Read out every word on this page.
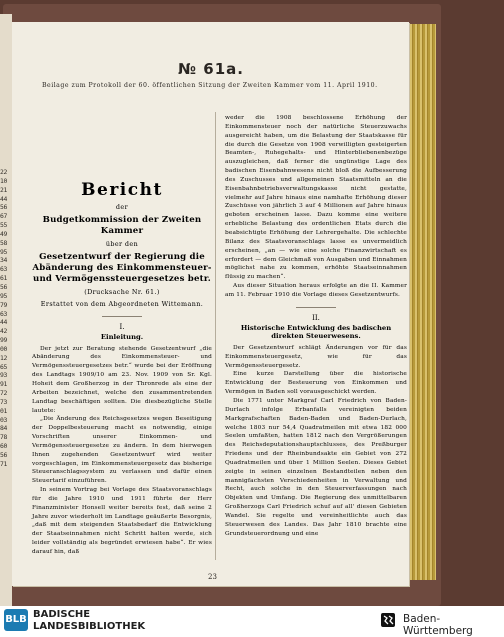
22
10
21
44
56
67
55
49
58
95
34
63
61
56
95
79
63
44
42
99
00
12
65
93
91
72
73
01
03
84
78
60
56
71
№ 61a.
Beilage zum Protokoll der 60. öffentlichen Sitzung der Zweiten Kammer vom 11. April 1910.
Bericht
der
Budgetkommission der Zweiten Kammer
über den
Gesetzentwurf der Regierung die Abänderung des Einkommensteuer- und Vermögenssteuergesetzes betr.
(Drucksache Nr. 61.)
Erstattet von dem Abgeordneten Wittemann.
I.
Einleitung.

Der jetzt zur Beratung stehende Gesetzentwurf „die Abänderung des Einkommensteuer- und Vermögenssteuergesetzes betr.“ wurde bei der Eröffnung des Landtags 1909/10 am 23. Nov. 1909 von Sr. Kgl. Hoheit dem Großherzog in der Thronrede als eine der Arbeiten bezeichnet, welche den zusammentretenden Landtag beschäftigen sollten. Die diesbezügliche Stelle lautete:

„Die Änderung des Reichsgesetzes wegen Beseitigung der Doppelbesteuerung macht es notwendig, einige Vorschriften unserer Einkommen- und Vermögenssteuergesetze zu ändern. In dem hierwegen Ihnen zugehenden Gesetzentwurf wird weiter vorgeschlagen, im Einkommensteuergesetz das bisherige Steueranschlagssystem zu verlassen und dafür einen Steuertarif einzuführen.

In seinem Vortrag bei Vorlage des Staatsvoranschlags für die Jahre 1910 und 1911 führte der Herr Finanzminister Honsell weiter bereits fest, daß seine 2 Jahre zuvor wiederholt im Landtage geäußerte Besorgnis, „daß mit dem steigenden Staatsbedarf die Entwicklung der Staatseinnahmen nicht Schritt halten werde, sich leider vollständig als begründet erwiesen habe“. Er wies darauf hin, daß

weder die 1908 beschlossene Erhöhung der Einkommensteuer noch der natürliche Steuerzuwachs ausgereicht haben, um die Belastung der Staatskasse für die durch die Gesetze von 1908 verwilligten gesteigerten Beamten-, Ruhegehalts- und Hinterbliebenenbezüge auszugleichen, daß ferner die ungünstige Lage des badischen Eisenbahnwesens nicht bloß die Aufbesserung des Zuschusses und allgemeinen Staatsmitteln an die Eisenbahnbetriebsverwaltungskasse nicht gestatte, vielmehr auf Jahre hinaus eine namhafte Erhöhung dieser Zuschüsse von jährlich 3 auf 4 Millionen auf Jahre hinaus geboten erscheinen lasse. Dazu komme eine weitere erhebliche Belastung des ordentlichen Etats durch die beabsichtigte Erhöhung der Lehrergehalte. Die schlechte Bilanz des Staatsvoranschlags lasse es unvermeidlich erscheinen, „an — wie eine solche Finanzwirtschaft es erfordert — dem Gleichmaß von Ausgaben und Einnahmen möglichst nahe zu kommen, erhöhte Staatseinnahmen flüssig zu machen“.

Aus dieser Situation heraus erfolgte an die II. Kammer am 11. Februar 1910 die Vorlage dieses Gesetzentwurfs.

II.
Historische Entwicklung des badischen direkten Steuerwesens.

Der Gesetzentwurf schlägt Änderungen vor für das Einkommensteuergesetz, wie für das Vermögenssteuergesetz.

Eine kurze Darstellung über die historische Entwicklung der Besteuerung von Einkommen und Vermögen in Baden soll vorausgeschickt werden.

Die 1771 unter Markgraf Carl Friedrich von Baden-Durlach infolge Erbanfalls vereinigten beiden Markgrafschaften Baden-Baden und Baden-Durlach, welche 1803 nur 54,4 Quadratmeilen mit etwa 182 000 Seelen umfaßten, hatten 1812 nach den Vergrößerungen des Reichsdeputationshauptschlusses, des Preßburger Friedens und der Rheinbundsakte ein Gebiet von 272 Quadratmeilen und über 1 Million Seelen. Dieses Gebiet zeigte in seinen einzelnen Bestandteilen neben den mannigfachsten Verschiedenheiten in Verwaltung und Recht, auch solche in den Steuerverfassungen nach Objekten und Umfang. Die Regierung des unmittelbaren Großherzogs Carl Friedrich schuf auf all' diesen Gebieten Wandel. Sie regelte und vereinheitlichte auch das Steuerwesen des Landes. Das Jahr 1810 brachte eine Grundsteuerordnung und eine

23
BLB BADISCHE
LANDESBIBLIOTHEK
Baden-Württemberg
